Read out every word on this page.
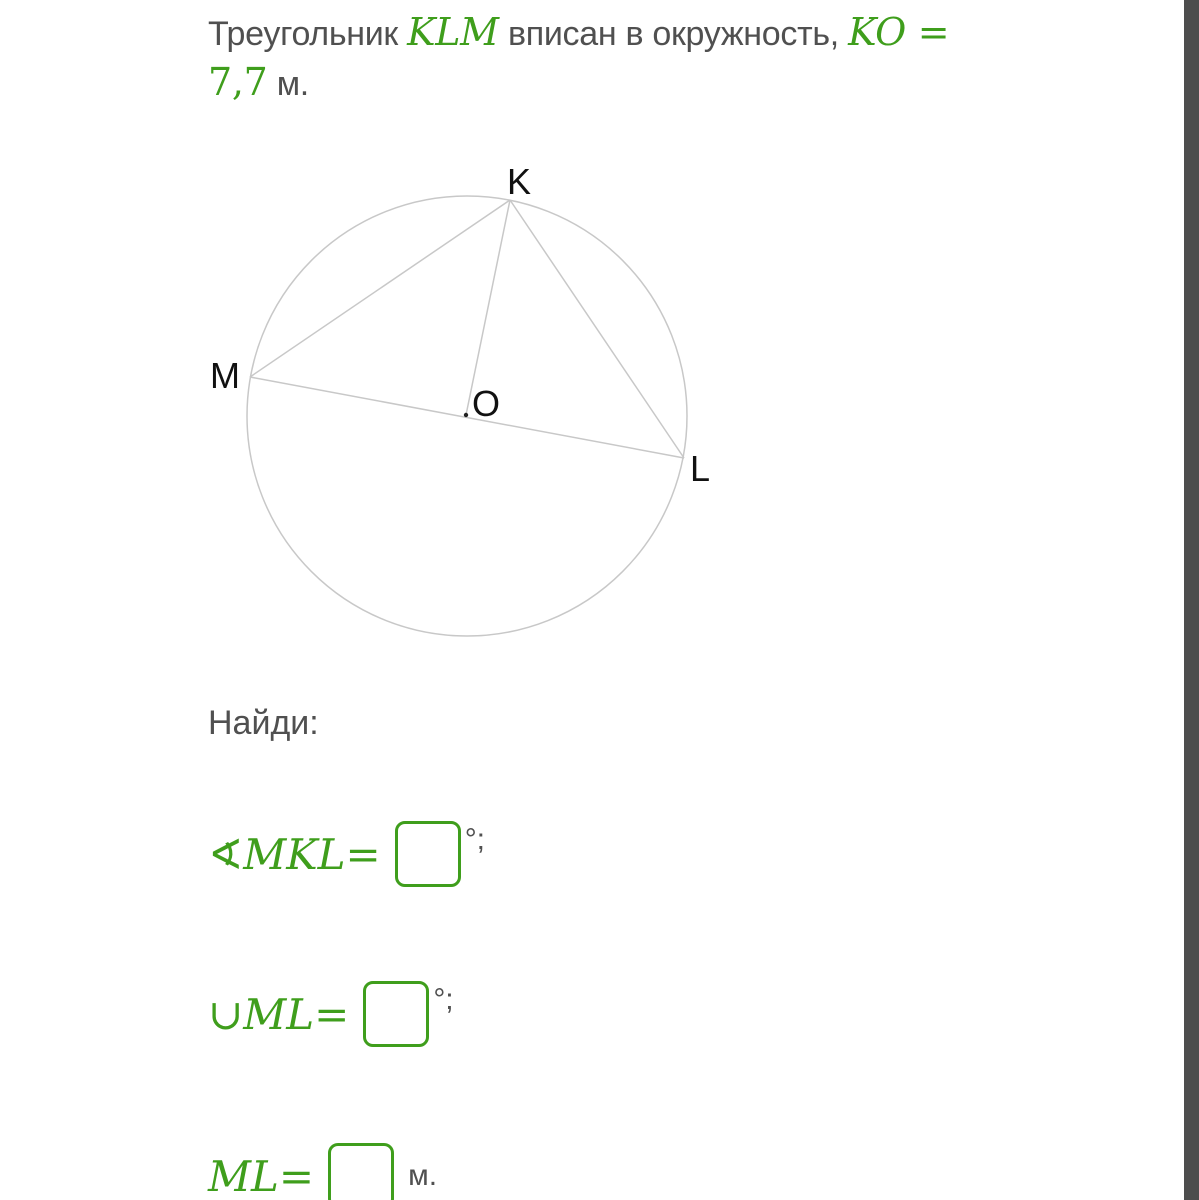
Треугольник KLM вписан в окружность, KO =
7,7 м.
K
M
L
O
Найди:
∢ MKL =	°;
∪ ML =	°;
ML =	м.
